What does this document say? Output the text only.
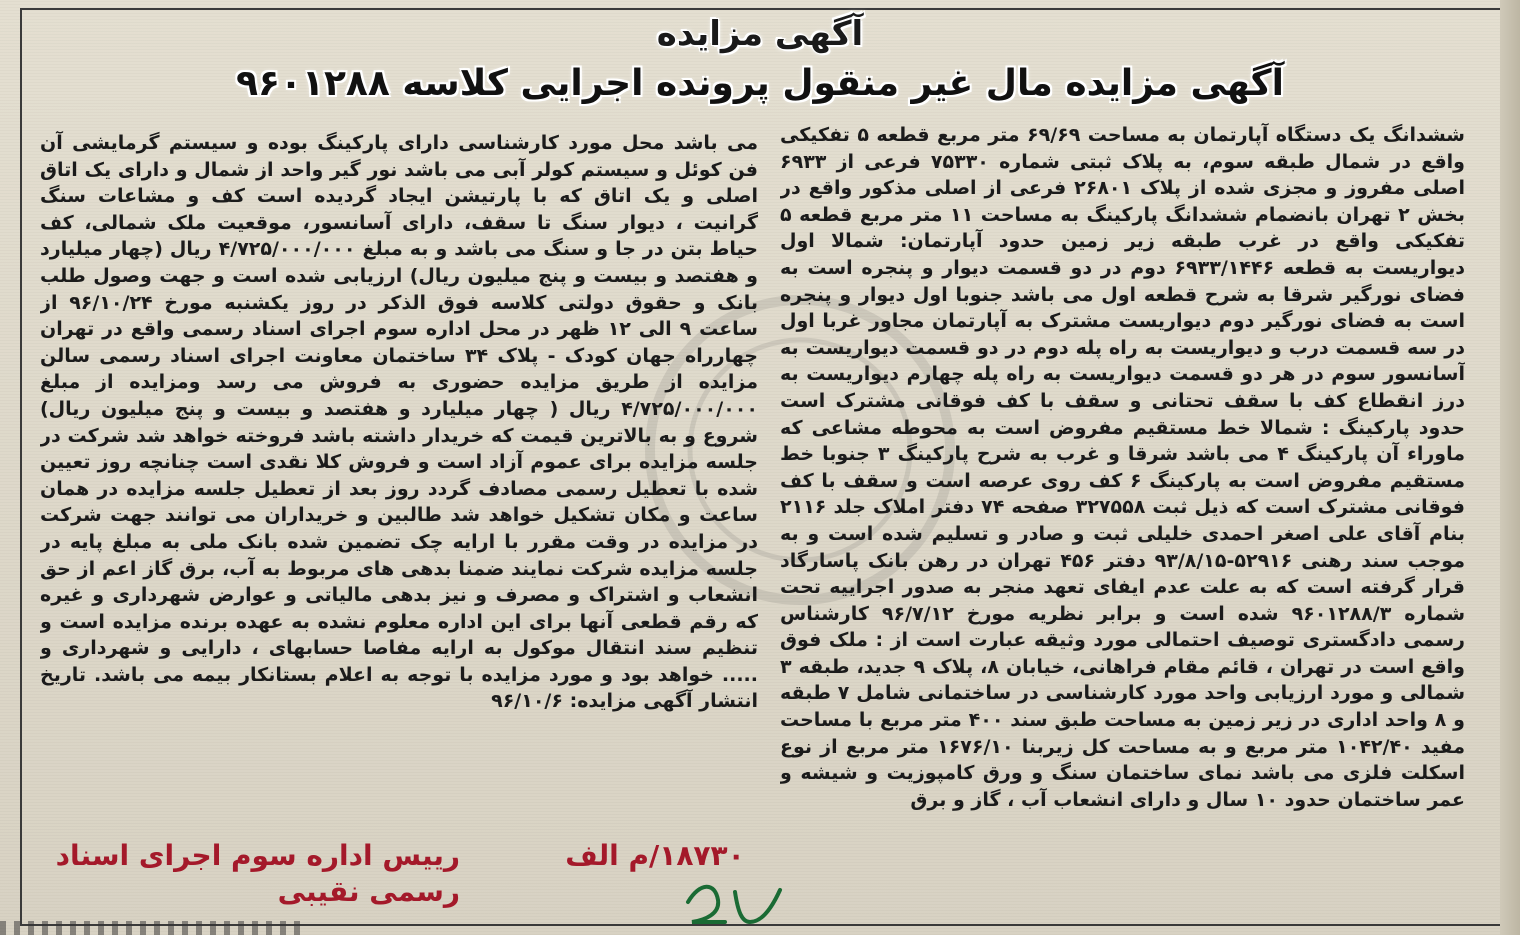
آگهی مزایده
آگهی مزایده مال غیر منقول پرونده اجرایی کلاسه ۹۶۰۱۲۸۸
ششدانگ یک دستگاه آپارتمان به مساحت ۶۹/۶۹ متر مربع قطعه ۵ تفکیکی واقع در شمال طبقه سوم، به پلاک ثبتی شماره ۷۵۳۳۰ فرعی از ۶۹۳۳ اصلی مفروز و مجزی شده از پلاک ۲۶۸۰۱ فرعی از اصلی مذکور واقع در بخش ۲ تهران بانضمام ششدانگ پارکینگ به مساحت ۱۱ متر مربع قطعه ۵ تفکیکی واقع در غرب طبقه زیر زمین حدود آپارتمان: شمالا اول دیواریست به قطعه ۶۹۳۳/۱۴۴۶ دوم در دو قسمت دیوار و پنجره است به فضای نورگیر شرقا به شرح قطعه اول می باشد جنوبا اول دیوار و پنجره است به فضای نورگیر دوم دیواریست مشترک به آپارتمان مجاور غربا اول در سه قسمت درب و دیواریست به راه پله دوم در دو قسمت دیواریست به آسانسور سوم در هر دو قسمت دیواریست به راه پله چهارم دیواریست به درز انقطاع کف با سقف تحتانی و سقف با کف فوقانی مشترک است حدود پارکینگ : شمالا خط مستقیم مفروض است به محوطه مشاعی که ماوراء آن پارکینگ ۴ می باشد شرقا و غرب به شرح پارکینگ ۳ جنوبا خط مستقیم مفروض است به پارکینگ ۶ کف روی عرصه است و سقف با کف فوقانی مشترک است که ذیل ثبت ۳۲۷۵۵۸ صفحه ۷۴ دفتر املاک جلد ۲۱۱۶ بنام آقای علی اصغر احمدی خلیلی ثبت و صادر و تسلیم شده است و به موجب سند رهنی ۵۲۹۱۶-۹۳/۸/۱۵ دفتر ۴۵۶ تهران در رهن بانک پاسارگاد قرار گرفته است که به علت عدم ایفای تعهد منجر به صدور اجراییه تحت شماره ۹۶۰۱۲۸۸/۳ شده است و برابر نظریه مورخ ۹۶/۷/۱۲ کارشناس رسمی دادگستری توصیف احتمالی مورد وثیقه عبارت است از : ملک فوق واقع است در تهران ، قائم مقام فراهانی، خیابان ۸، پلاک ۹ جدید، طبقه ۳ شمالی و مورد ارزیابی واحد مورد کارشناسی در ساختمانی شامل ۷ طبقه و ۸ واحد اداری در زیر زمین به مساحت طبق سند ۴۰۰ متر مربع با مساحت مفید ۱۰۴۲/۴۰ متر مربع و به مساحت کل زیربنا ۱۶۷۶/۱۰ متر مربع از نوع اسکلت فلزی می باشد نمای ساختمان سنگ و ورق کامپوزیت و شیشه و عمر ساختمان حدود ۱۰ سال و دارای انشعاب آب ، گاز و برق
می باشد محل مورد کارشناسی دارای پارکینگ بوده و سیستم گرمایشی آن فن کوئل و سیستم کولر آبی می باشد نور گیر واحد از شمال و دارای یک اتاق اصلی و یک اتاق که با پارتیشن ایجاد گردیده است کف و مشاعات سنگ گرانیت ، دیوار سنگ تا سقف، دارای آسانسور، موقعیت ملک شمالی، کف حیاط بتن در جا و سنگ می باشد و به مبلغ ۴/۷۲۵/۰۰۰/۰۰۰ ریال (چهار میلیارد و هفتصد و بیست و پنج میلیون ریال) ارزیابی شده است و جهت وصول طلب بانک و حقوق دولتی کلاسه فوق الذکر در روز یکشنبه مورخ ۹۶/۱۰/۲۴ از ساعت ۹ الی ۱۲ ظهر در محل اداره سوم اجرای اسناد رسمی واقع در تهران چهارراه جهان کودک - پلاک ۳۴ ساختمان معاونت اجرای اسناد رسمی سالن مزایده از طریق مزایده حضوری به فروش می رسد ومزایده از مبلغ ۴/۷۲۵/۰۰۰/۰۰۰ ریال ( چهار میلیارد و هفتصد و بیست و پنج میلیون ریال) شروع و به بالاترین قیمت که خریدار داشته باشد فروخته خواهد شد شرکت در جلسه مزایده برای عموم آزاد است و فروش کلا نقدی است چنانچه روز تعیین شده با تعطیل رسمی مصادف گردد روز بعد از تعطیل جلسه مزایده در همان ساعت و مکان تشکیل خواهد شد طالبین و خریداران می توانند جهت شرکت در مزایده در وقت مقرر با ارایه چک تضمین شده بانک ملی به مبلغ پایه در جلسه مزایده شرکت نمایند ضمنا بدهی های مربوط به آب، برق گاز اعم از حق انشعاب و اشتراک و مصرف و نیز بدهی مالیاتی و عوارض شهرداری و غیره که رقم قطعی آنها برای این اداره معلوم نشده به عهده برنده مزایده است و تنظیم سند انتقال موکول به ارایه مفاصا حسابهای ، دارایی و شهرداری و ..... خواهد بود و مورد مزایده با توجه به اعلام بستانکار بیمه می باشد. تاریخ انتشار آگهی مزایده: ۹۶/۱۰/۶
۱۸۷۳۰/م الف
رییس اداره سوم اجرای اسناد رسمی نقیبی
